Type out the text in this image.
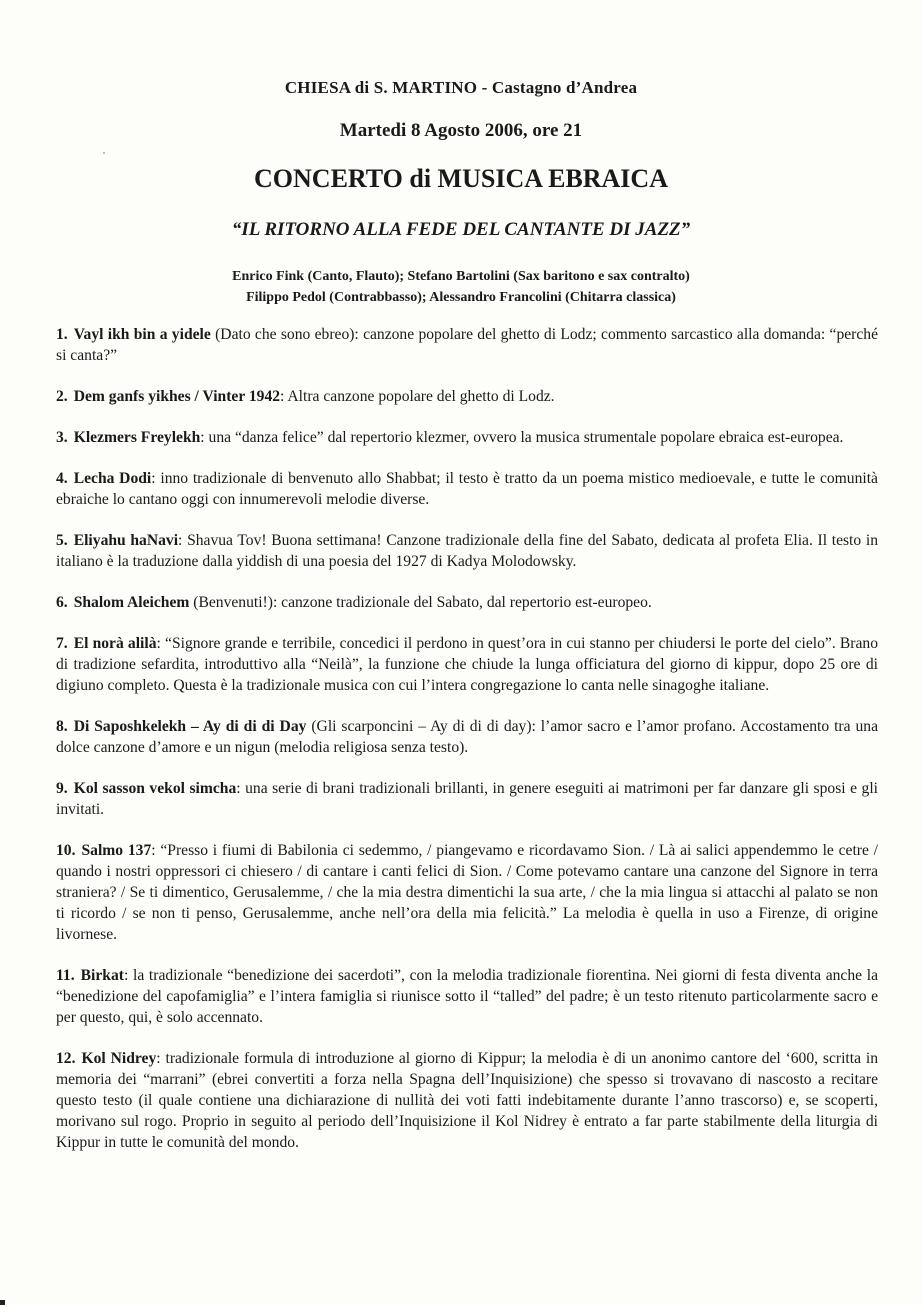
CHIESA di S. MARTINO - Castagno d’Andrea
Martedi 8 Agosto 2006, ore 21
CONCERTO di MUSICA EBRAICA
“IL RITORNO ALLA FEDE DEL CANTANTE DI JAZZ”
Enrico Fink (Canto, Flauto); Stefano Bartolini (Sax baritono e sax contralto)
Filippo Pedol (Contrabbasso); Alessandro Francolini (Chitarra classica)
1. Vayl ikh bin a yidele (Dato che sono ebreo): canzone popolare del ghetto di Lodz; commento sarcastico alla domanda: “perché si canta?”
2. Dem ganfs yikhes / Vinter 1942: Altra canzone popolare del ghetto di Lodz.
3. Klezmers Freylekh: una “danza felice” dal repertorio klezmer, ovvero la musica strumentale popolare ebraica est-europea.
4. Lecha Dodi: inno tradizionale di benvenuto allo Shabbat; il testo è tratto da un poema mistico medioevale, e tutte le comunità ebraiche lo cantano oggi con innumerevoli melodie diverse.
5. Eliyahu haNavi: Shavua Tov! Buona settimana! Canzone tradizionale della fine del Sabato, dedicata al profeta Elia. Il testo in italiano è la traduzione dalla yiddish di una poesia del 1927 di Kadya Molodowsky.
6. Shalom Aleichem (Benvenuti!): canzone tradizionale del Sabato, dal repertorio est-europeo.
7. El norà alilà: “Signore grande e terribile, concedici il perdono in quest’ora in cui stanno per chiudersi le porte del cielo”. Brano di tradizione sefardita, introduttivo alla “Neilà”, la funzione che chiude la lunga officiatura del giorno di kippur, dopo 25 ore di digiuno completo. Questa è la tradizionale musica con cui l’intera congregazione lo canta nelle sinagoghe italiane.
8. Di Saposhkelekh – Ay di di di Day (Gli scarponcini – Ay di di di day): l’amor sacro e l’amor profano. Accostamento tra una dolce canzone d’amore e un nigun (melodia religiosa senza testo).
9. Kol sasson vekol simcha: una serie di brani tradizionali brillanti, in genere eseguiti ai matrimoni per far danzare gli sposi e gli invitati.
10. Salmo 137: “Presso i fiumi di Babilonia ci sedemmo, / piangevamo e ricordavamo Sion. / Là ai salici appendemmo le cetre / quando i nostri oppressori ci chiesero / di cantare i canti felici di Sion. / Come potevamo cantare una canzone del Signore in terra straniera? / Se ti dimentico, Gerusalemme, / che la mia destra dimentichi la sua arte, / che la mia lingua si attacchi al palato se non ti ricordo / se non ti penso, Gerusalemme, anche nell’ora della mia felicità.” La melodia è quella in uso a Firenze, di origine livornese.
11. Birkat: la tradizionale “benedizione dei sacerdoti”, con la melodia tradizionale fiorentina. Nei giorni di festa diventa anche la “benedizione del capofamiglia” e l’intera famiglia si riunisce sotto il “talled” del padre; è un testo ritenuto particolarmente sacro e per questo, qui, è solo accennato.
12. Kol Nidrey: tradizionale formula di introduzione al giorno di Kippur; la melodia è di un anonimo cantore del ‘600, scritta in memoria dei “marrani” (ebrei convertiti a forza nella Spagna dell’Inquisizione) che spesso si trovavano di nascosto a recitare questo testo (il quale contiene una dichiarazione di nullità dei voti fatti indebitamente durante l’anno trascorso) e, se scoperti, morivano sul rogo. Proprio in seguito al periodo dell’Inquisizione il Kol Nidrey è entrato a far parte stabilmente della liturgia di Kippur in tutte le comunità del mondo.
